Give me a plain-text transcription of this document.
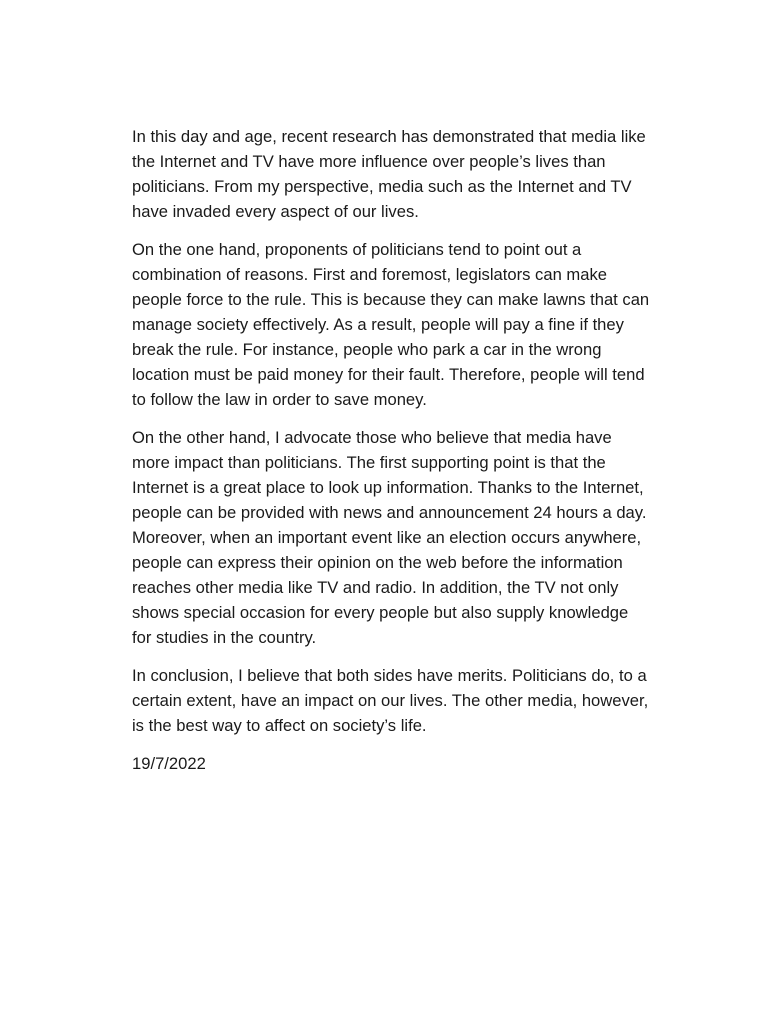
In this day and age, recent research has demonstrated that media like the Internet and TV have more influence over people’s lives than politicians. From my perspective, media such as the Internet and TV have invaded every aspect of our lives.

On the one hand, proponents of politicians tend to point out a combination of reasons. First and foremost, legislators can make people force to the rule. This is because they can make lawns that can manage society effectively. As a result, people will pay a fine if they break the rule. For instance, people who park a car in the wrong location must be paid money for their fault. Therefore, people will tend to follow the law in order to save money.

On the other hand, I advocate those who believe that media have more impact than politicians. The first supporting point is that the Internet is a great place to look up information. Thanks to the Internet, people can be provided with news and announcement 24 hours a day. Moreover, when an important event like an election occurs anywhere, people can express their opinion on the web before the information reaches other media like TV and radio. In addition, the TV not only shows special occasion for every people but also supply knowledge for studies in the country.

In conclusion, I believe that both sides have merits. Politicians do, to a certain extent, have an impact on our lives. The other media, however, is the best way to affect on society’s life.

19/7/2022
